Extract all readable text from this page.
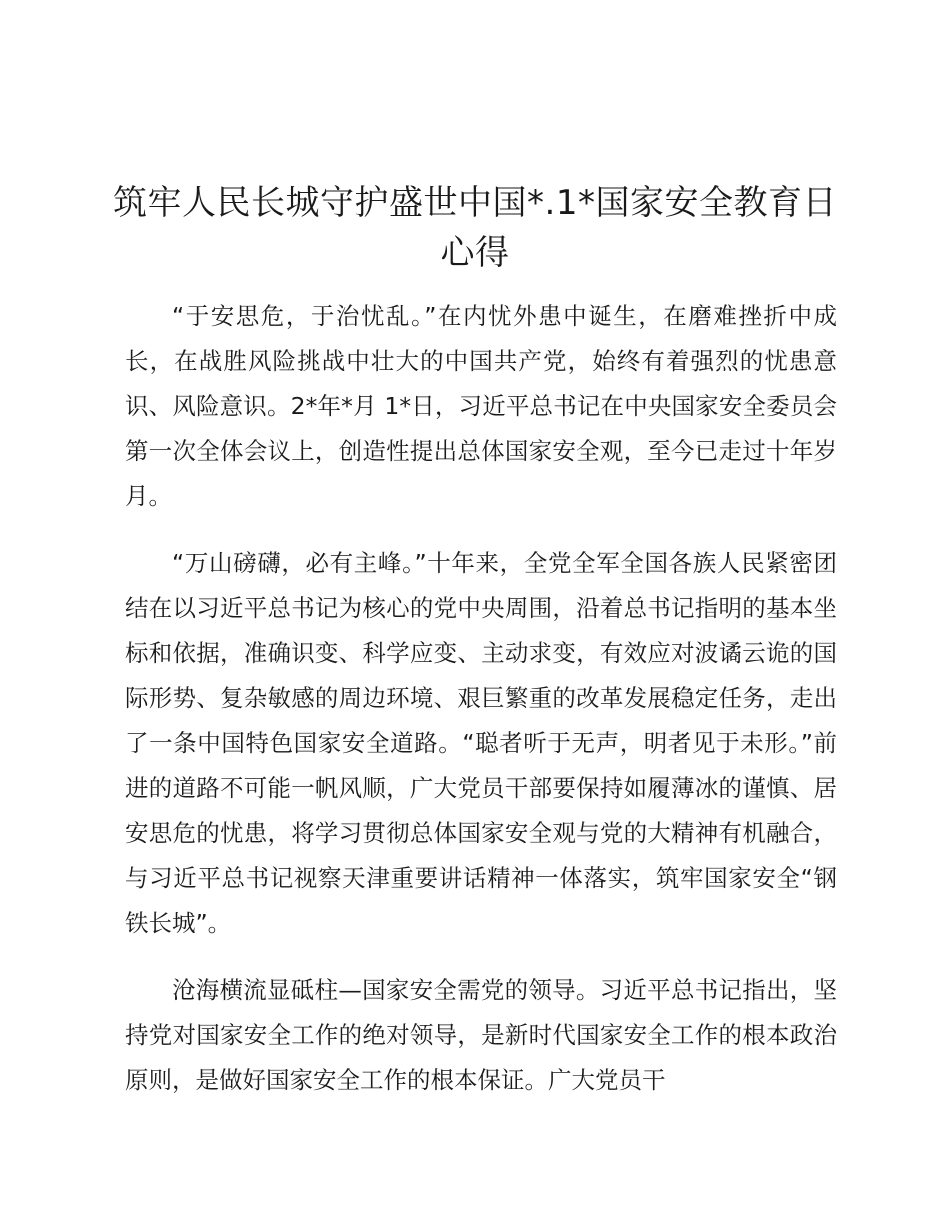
筑牢人民长城守护盛世中国*.1*国家安全教育日心得

“于安思危，于治忧乱。”在内忧外患中诞生，在磨难挫折中成长，在战胜风险挑战中壮大的中国共产党，始终有着强烈的忧患意识、风险意识。2*年*月 1*日，习近平总书记在中央国家安全委员会第一次全体会议上，创造性提出总体国家安全观，至今已走过十年岁月。

“万山磅礴，必有主峰。”十年来，全党全军全国各族人民紧密团结在以习近平总书记为核心的党中央周围，沿着总书记指明的基本坐标和依据，准确识变、科学应变、主动求变，有效应对波谲云诡的国际形势、复杂敏感的周边环境、艰巨繁重的改革发展稳定任务，走出了一条中国特色国家安全道路。“聪者听于无声，明者见于未形。”前进的道路不可能一帆风顺，广大党员干部要保持如履薄冰的谨慎、居安思危的忧患，将学习贯彻总体国家安全观与党的大精神有机融合，与习近平总书记视察天津重要讲话精神一体落实，筑牢国家安全“钢铁长城”。

沧海横流显砥柱—国家安全需党的领导。习近平总书记指出，坚持党对国家安全工作的绝对领导，是新时代国家安全工作的根本政治原则，是做好国家安全工作的根本保证。广大党员干
